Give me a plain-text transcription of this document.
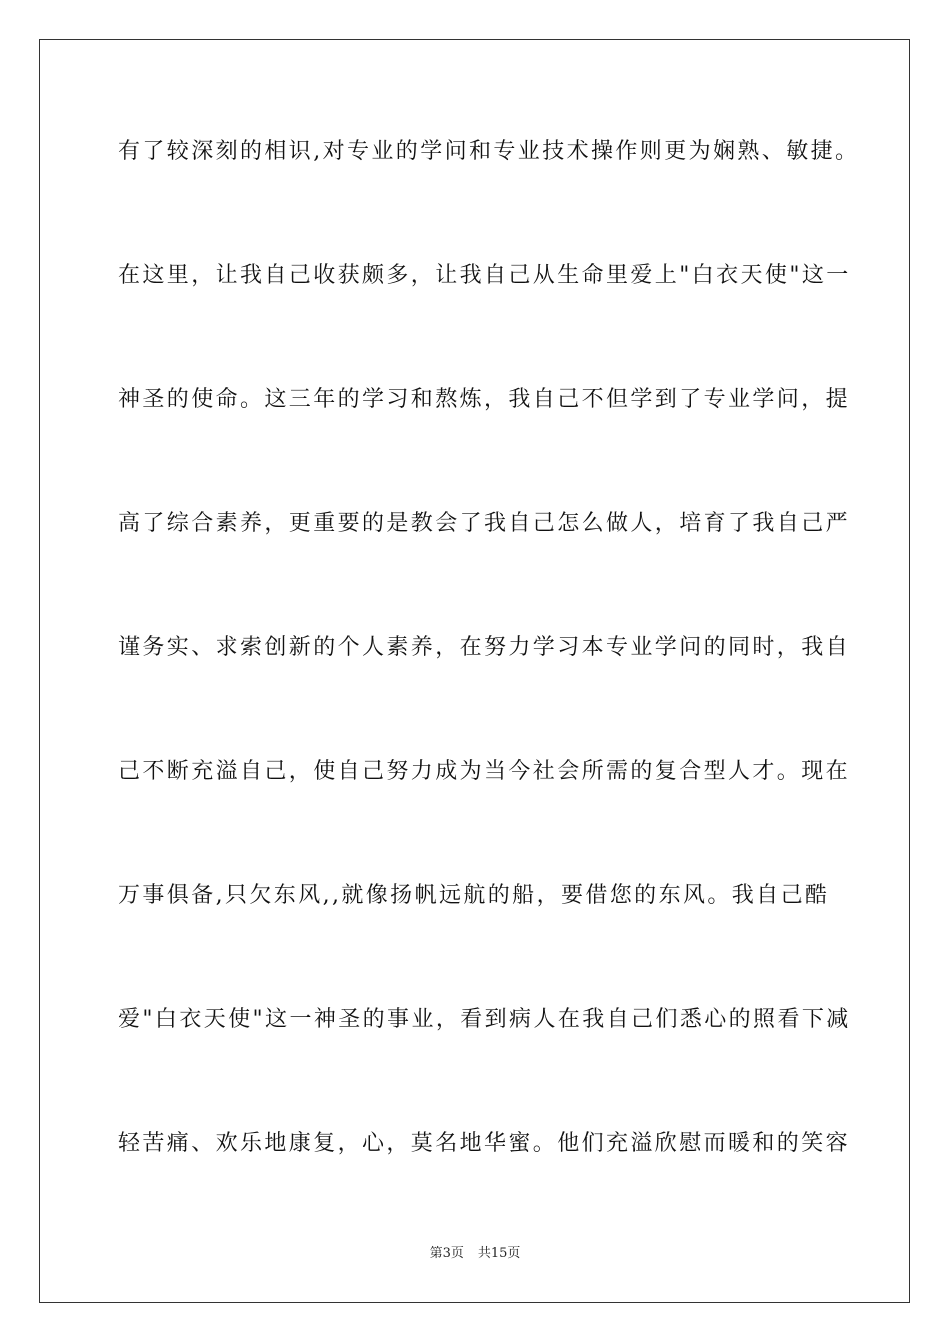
有了较深刻的相识,对专业的学问和专业技术操作则更为娴熟、敏捷。
在这里，让我自己收获颇多，让我自己从生命里爱上"白衣天使"这一
神圣的使命。这三年的学习和熬炼，我自己不但学到了专业学问，提
高了综合素养，更重要的是教会了我自己怎么做人，培育了我自己严
谨务实、求索创新的个人素养，在努力学习本专业学问的同时，我自
己不断充溢自己，使自己努力成为当今社会所需的复合型人才。现在
万事俱备,只欠东风,,就像扬帆远航的船，要借您的东风。我自己酷
爱"白衣天使"这一神圣的事业，看到病人在我自己们悉心的照看下减
轻苦痛、欢乐地康复，心，莫名地华蜜。他们充溢欣慰而暖和的笑容
第3页 共15页
